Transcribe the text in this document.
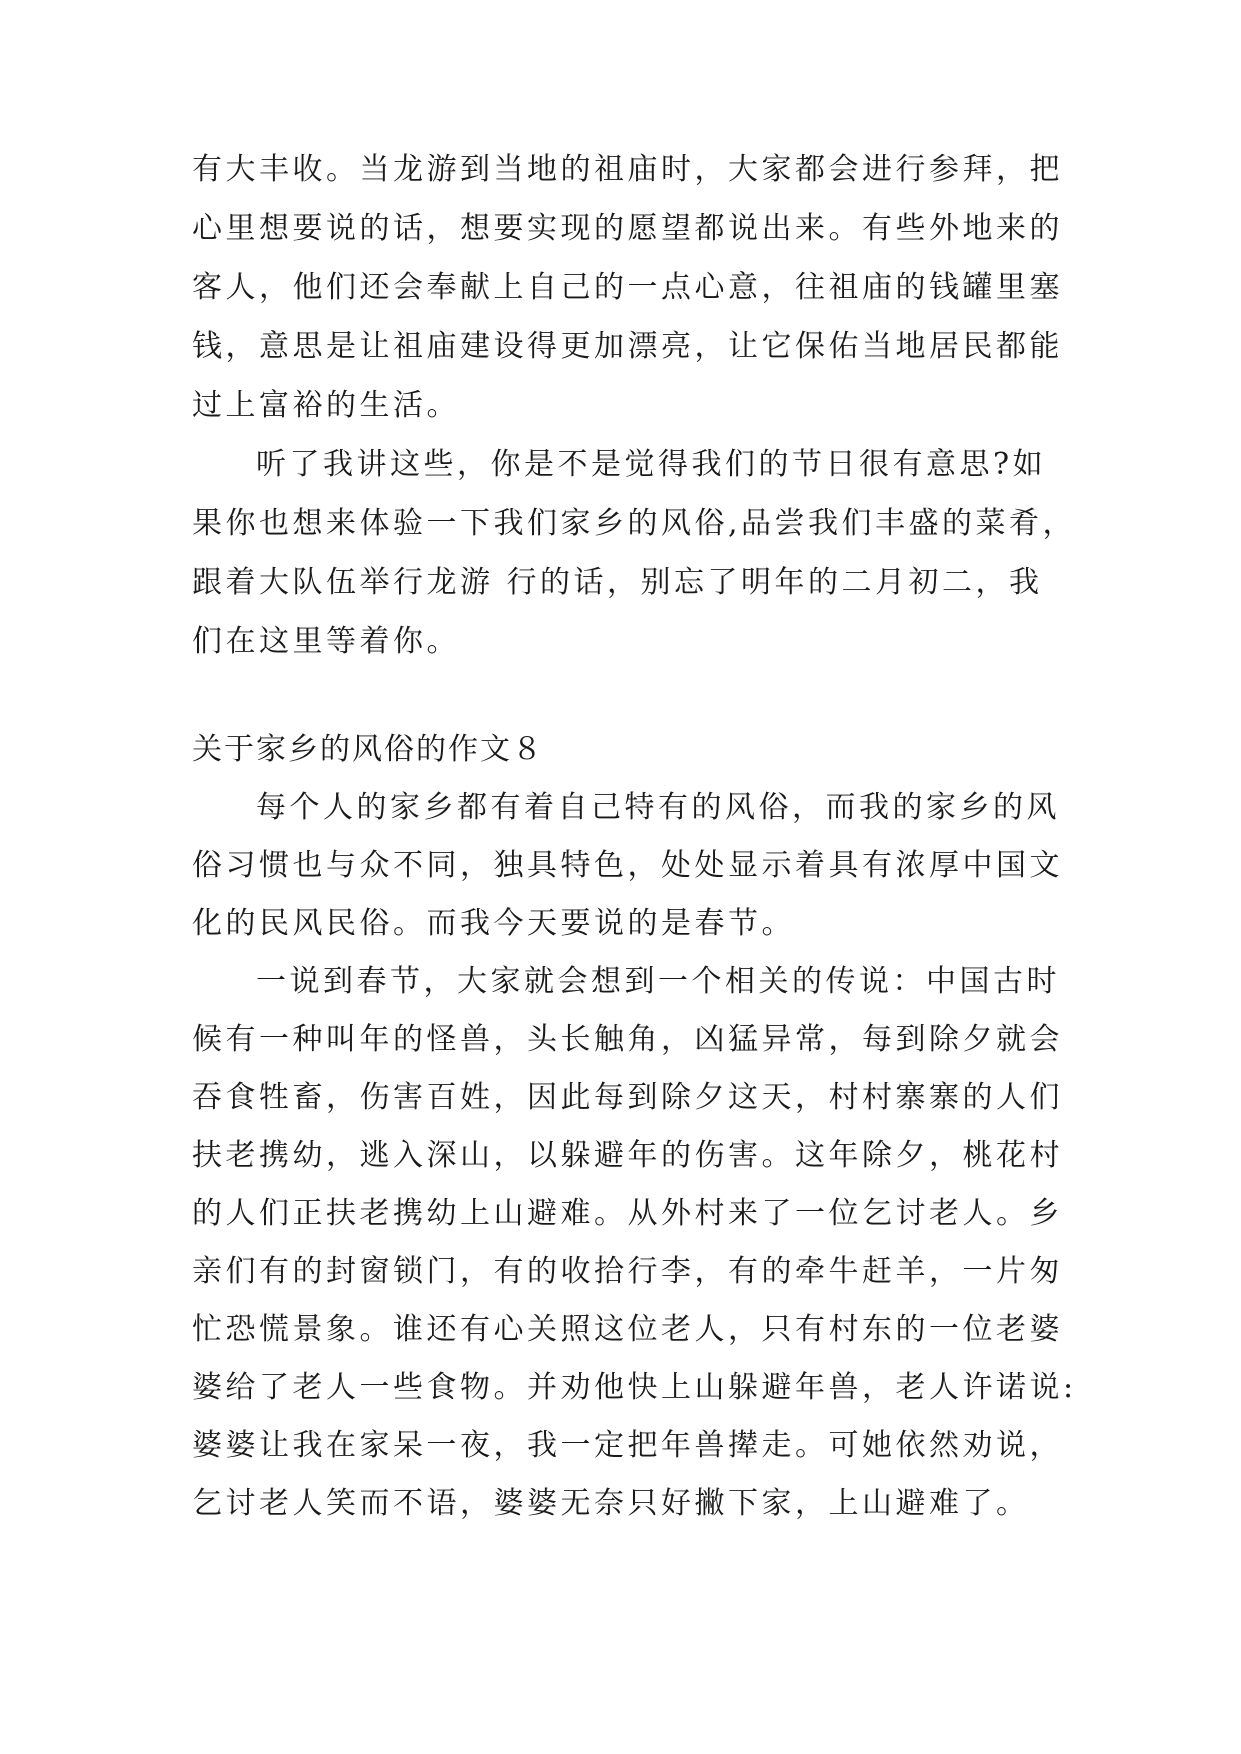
有大丰收。当龙游到当地的祖庙时，大家都会进行参拜，把
心里想要说的话，想要实现的愿望都说出来。有些外地来的
客人，他们还会奉献上自己的一点心意，往祖庙的钱罐里塞
钱，意思是让祖庙建设得更加漂亮，让它保佑当地居民都能
过上富裕的生活。
听了我讲这些，你是不是觉得我们的节日很有意思?如
果你也想来体验一下我们家乡的风俗,品尝我们丰盛的菜肴，
跟着大队伍举行龙游 行的话，别忘了明年的二月初二，我
们在这里等着你。
关于家乡的风俗的作文８
每个人的家乡都有着自己特有的风俗，而我的家乡的风
俗习惯也与众不同，独具特色，处处显示着具有浓厚中国文
化的民风民俗。而我今天要说的是春节。
一说到春节，大家就会想到一个相关的传说：中国古时
候有一种叫年的怪兽，头长触角，凶猛异常，每到除夕就会
吞食牲畜，伤害百姓，因此每到除夕这天，村村寨寨的人们
扶老携幼，逃入深山，以躲避年的伤害。这年除夕，桃花村
的人们正扶老携幼上山避难。从外村来了一位乞讨老人。乡
亲们有的封窗锁门，有的收拾行李，有的牵牛赶羊，一片匆
忙恐慌景象。谁还有心关照这位老人，只有村东的一位老婆
婆给了老人一些食物。并劝他快上山躲避年兽，老人许诺说:
婆婆让我在家呆一夜，我一定把年兽撵走。可她依然劝说，
乞讨老人笑而不语，婆婆无奈只好撇下家，上山避难了。
